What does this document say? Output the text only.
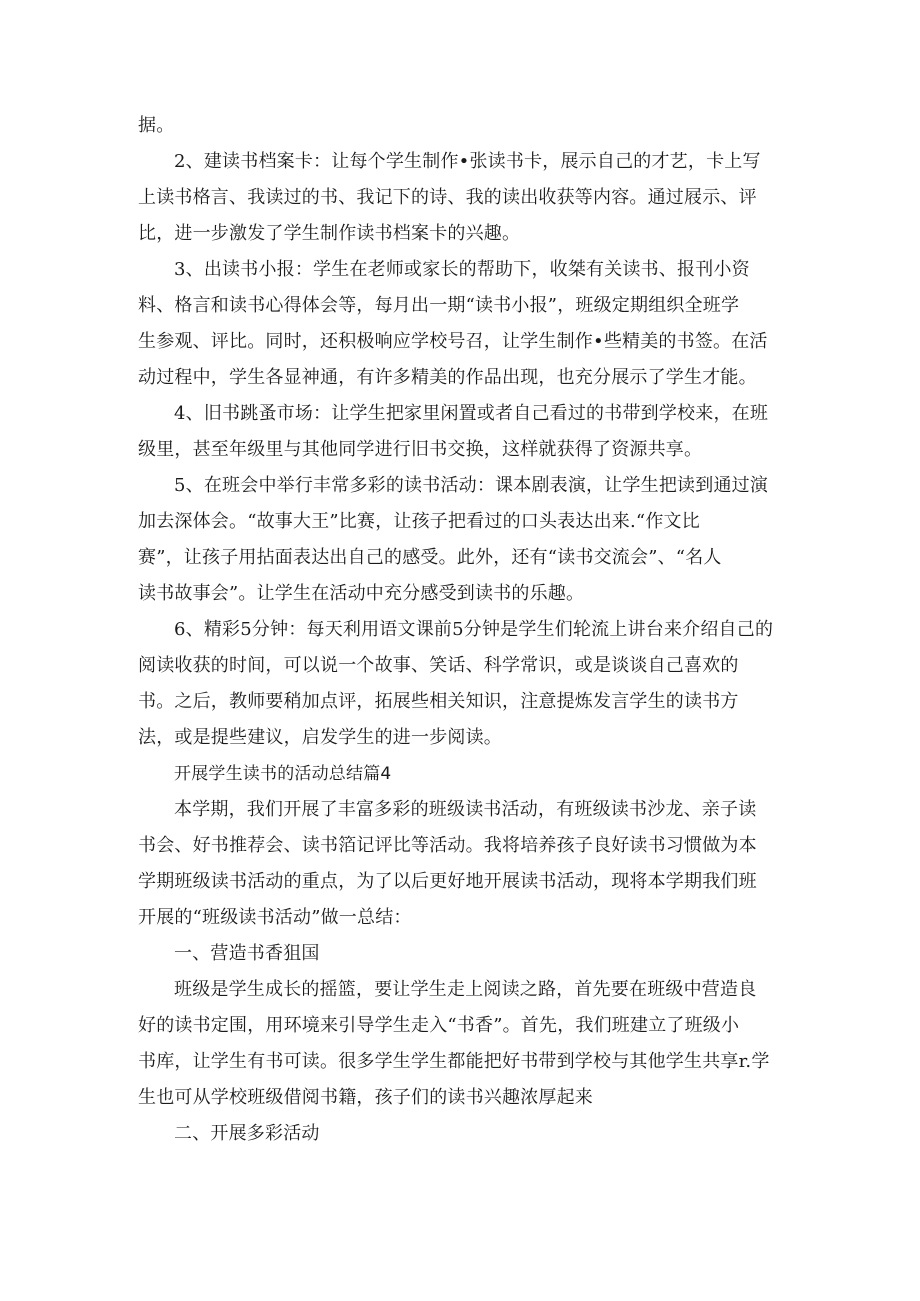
据。
2、建读书档案卡：让每个学生制作•张读书卡，展示自己的才艺，卡上写
上读书格言、我读过的书、我记下的诗、我的读出收获等内容。通过屐示、评
比，进一步激发了学生制作读书档案卡的兴趣。
3、出读书小报：学生在老师或家长的帮助下，收桀有关读书、报刊小资
料、格言和读书心得体会等，每月出一期“读书小报”，班级定期组织全班学
生参观、评比。同时，还积极响应学校号召，让学生制作•些精美的书签。在活
动过程中，学生各显神通，有许多精美的作品出现，也充分展示了学生才能。
4、旧书跳蚤市场：让学生把家里闲置或者自己看过的书带到学校来，在班
级里，甚至年级里与其他同学进行旧书交换，这样就获得了资源共享。
5、在班会中举行丰常多彩的读书活动：课本剧表演，让学生把读到通过演
加去深体会。“故事大王”比赛，让孩子把看过的口头表达出来.“作文比
赛”，让孩子用拈面表达出自己的感受。此外，还有“读书交流会”、“名人
读书故事会”。让学生在活动中充分感受到读书的乐趣。
6、精彩5分钟：每天利用语文课前5分钟是学生们轮流上讲台来介绍自己的
阅读收获的时间，可以说一个故事、笑话、科学常识，或是谈谈自己喜欢的
书。之后，教师要稍加点评，拓展些相关知识，注意提炼发言学生的读书方
法，或是提些建议，启发学生的进一步阅读。
开展学生读书的活动总结篇4
本学期，我们开展了丰富多彩的班级读书活动，有班级读书沙龙、亲子读
书会、好书推荐会、读书箔记评比等活动。我将培养孩子良好读书习惯做为本
学期班级读书活动的重点，为了以后更好地开展读书活动，现将本学期我们班
开展的“班级读书活动”做一总结：
一、营造书香狙国
班级是学生成长的摇篮，要让学生走上阅读之路，首先要在班级中营造良
好的读书定围，用环境来引导学生走入“书香”。首先，我们班建立了班级小
书库，让学生有书可读。很多学生学生都能把好书带到学校与其他学生共享r.学
生也可从学校班级借阅书籍，孩子们的读书兴趣浓厚起来
二、开展多彩活动
